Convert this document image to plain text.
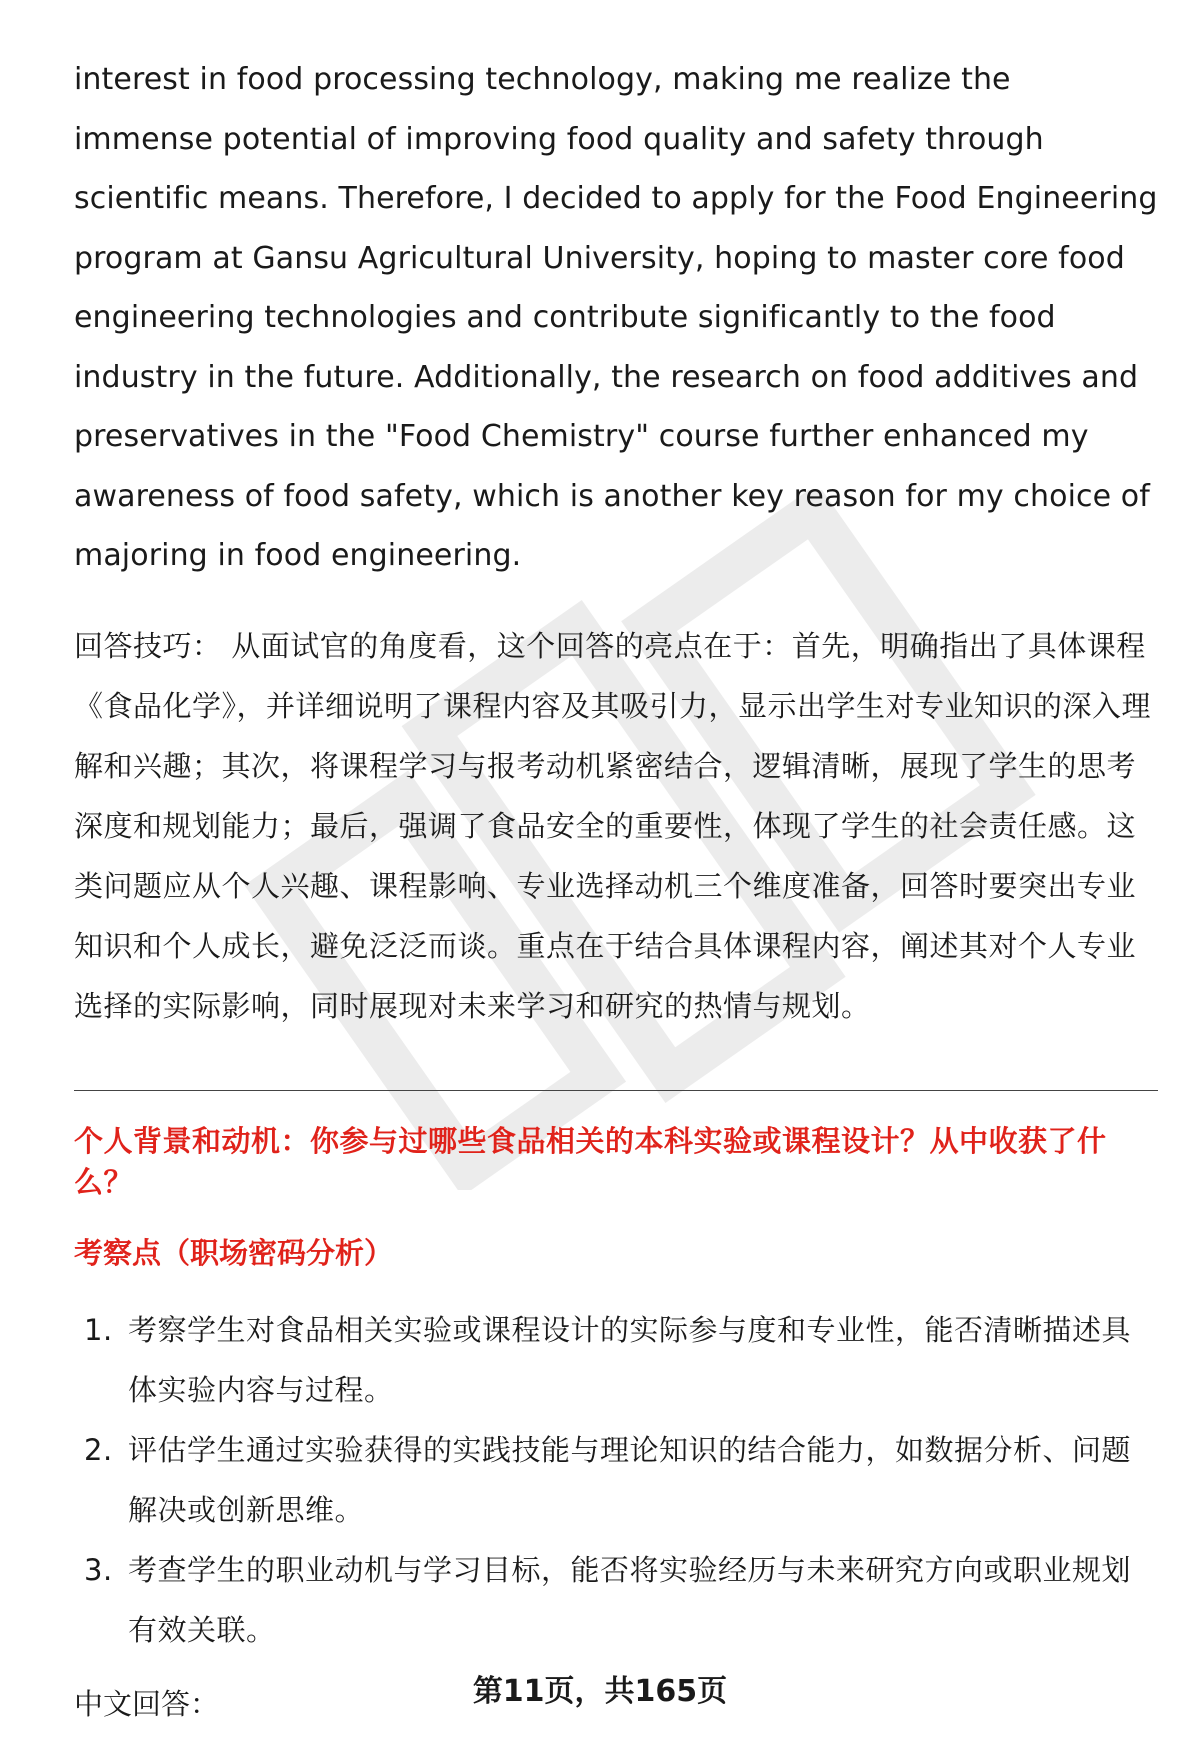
interest in food processing technology, making me realize the immense potential of improving food quality and safety through scientific means. Therefore, I decided to apply for the Food Engineering program at Gansu Agricultural University, hoping to master core food engineering technologies and contribute significantly to the food industry in the future. Additionally, the research on food additives and preservatives in the "Food Chemistry" course further enhanced my awareness of food safety, which is another key reason for my choice of majoring in food engineering.

回答技巧： 从面试官的角度看，这个回答的亮点在于：首先，明确指出了具体课程《食品化学》，并详细说明了课程内容及其吸引力，显示出学生对专业知识的深入理解和兴趣；其次，将课程学习与报考动机紧密结合，逻辑清晰，展现了学生的思考深度和规划能力；最后，强调了食品安全的重要性，体现了学生的社会责任感。这类问题应从个人兴趣、课程影响、专业选择动机三个维度准备，回答时要突出专业知识和个人成长，避免泛泛而谈。重点在于结合具体课程内容，阐述其对个人专业选择的实际影响，同时展现对未来学习和研究的热情与规划。

个人背景和动机：你参与过哪些食品相关的本科实验或课程设计？从中收获了什么？
考察点（职场密码分析）
1. 考察学生对食品相关实验或课程设计的实际参与度和专业性，能否清晰描述具体实验内容与过程。
2. 评估学生通过实验获得的实践技能与理论知识的结合能力，如数据分析、问题解决或创新思维。
3. 考查学生的职业动机与学习目标，能否将实验经历与未来研究方向或职业规划有效关联。
中文回答：	第11页，共165页
